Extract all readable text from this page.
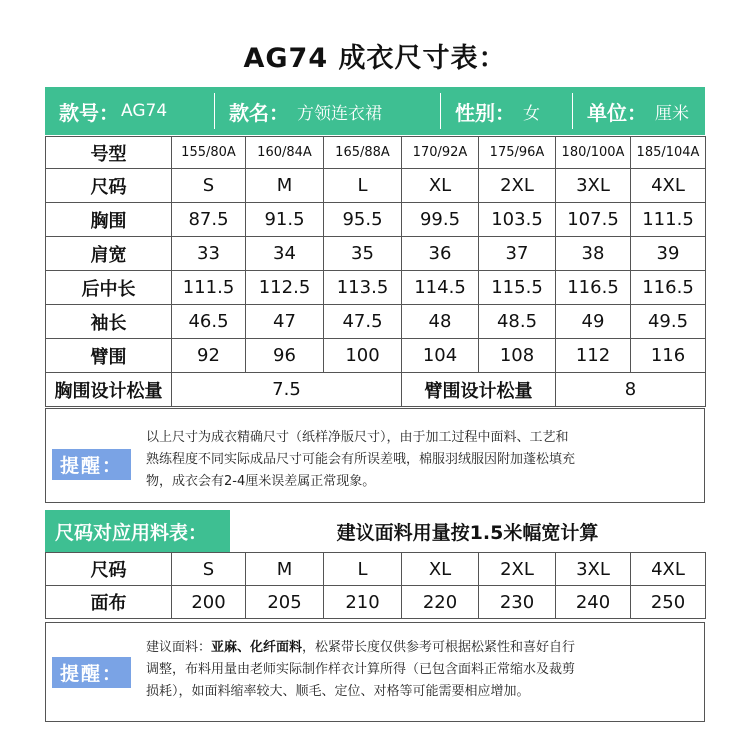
AG74 成衣尺寸表：
款号： AG74	款名： 方领连衣裙	性别： 女 单位： 厘米
号型	155/80A	160/84A	165/88A	170/92A	175/96A	180/100A	185/104A
尺码	S	M	L	XL	2XL	3XL	4XL
胸围	87.5	91.5	95.5	99.5	103.5	107.5	111.5
肩宽	33	34	35	36	37	38	39
后中长	111.5	112.5	113.5	114.5	115.5	116.5	116.5
袖长	46.5	47	47.5	48	48.5	49	49.5
臂围	92	96	100	104	108	112	116
胸围设计松量	7.5			臂围设计松量		8	
提醒：
以上尺寸为成衣精确尺寸（纸样净版尺寸），由于加工过程中面料、工艺和
熟练程度不同实际成品尺寸可能会有所误差哦，棉服羽绒服因附加蓬松填充
物，成衣会有2-4厘米误差属正常现象。
尺码对应用料表：	建议面料用量按1.5米幅宽计算
尺码	S	M	L	XL	2XL	3XL	4XL
面布	200	205	210	220	230	240	250
提醒：
建议面料：亚麻、化纤面料，松紧带长度仅供参考可根据松紧性和喜好自行
调整，布料用量由老师实际制作样衣计算所得（已包含面料正常缩水及裁剪
损耗），如面料缩率较大、顺毛、定位、对格等可能需要相应增加。
